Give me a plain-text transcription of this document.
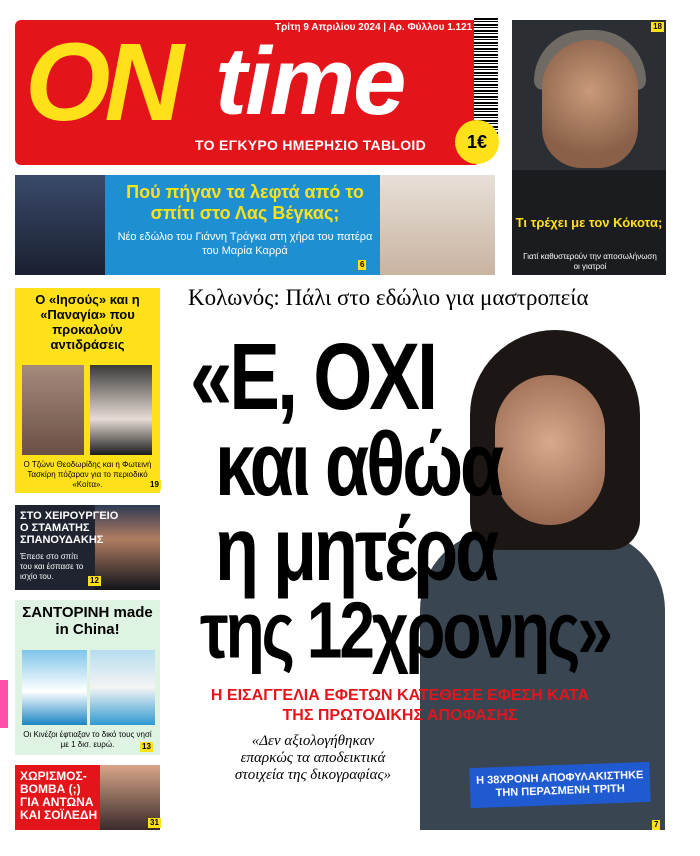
ON time
Τρίτη 9 Απριλίου 2024 | Αρ. Φύλλου 1.121
ΤΟ ΕΓΚΥΡΟ ΗΜΕΡΗΣΙΟ TABLOID	1€
Τι τρέχει με τον Κόκοτα;
Γιατί καθυστερούν την αποσωλήνωση οι γιατροί
18
Πού πήγαν τα λεφτά από το σπίτι στο Λας Βέγκας;
Νέο εδώλιο του Γιάννη Τράγκα στη χήρα του πατέρα του Μαρία Καρρά
6
Ο «Ιησούς» και η «Παναγία» που προκαλούν αντιδράσεις
Ο Τζώνυ Θεοδωρίδης και η Φωτεινή Τασκίρη πόζαραν για το περιοδικό «Κοίτα».	19
ΣΤΟ ΧΕΙΡΟΥΡΓΕΙΟ Ο ΣΤΑΜΑΤΗΣ ΣΠΑΝΟΥΔΑΚΗΣ
Έπεσε στο σπίτι του και έσπασε το ισχίο του.	12
ΣΑΝΤΟΡΙΝΗ made in China!
Οι Κινέζοι έφτιαξαν το δικό τους νησί με 1 δισ. ευρώ.	13
ΧΩΡΙΣΜΟΣ-ΒΟΜΒΑ (;) ΓΙΑ ΑΝΤΩΝΑ ΚΑΙ ΣΟΪΛΕΔΗ
31
Κολωνός: Πάλι στο εδώλιο για μαστροπεία
«Ε, ΟΧΙ
και αθώα
η μητέρα
της 12χρονης»
Η ΕΙΣΑΓΓΕΛΙΑ ΕΦΕΤΩΝ ΚΑΤΕΘΕΣΕ ΕΦΕΣΗ ΚΑΤΑ ΤΗΣ ΠΡΩΤΟΔΙΚΗΣ ΑΠΟΦΑΣΗΣ
«Δεν αξιολογήθηκαν επαρκώς τα αποδεικτικά στοιχεία της δικογραφίας»	Η 38ΧΡΟΝΗ ΑΠΟΦΥΛΑΚΙΣΤΗΚΕ ΤΗΝ ΠΕΡΑΣΜΕΝΗ ΤΡΙΤΗ
7
